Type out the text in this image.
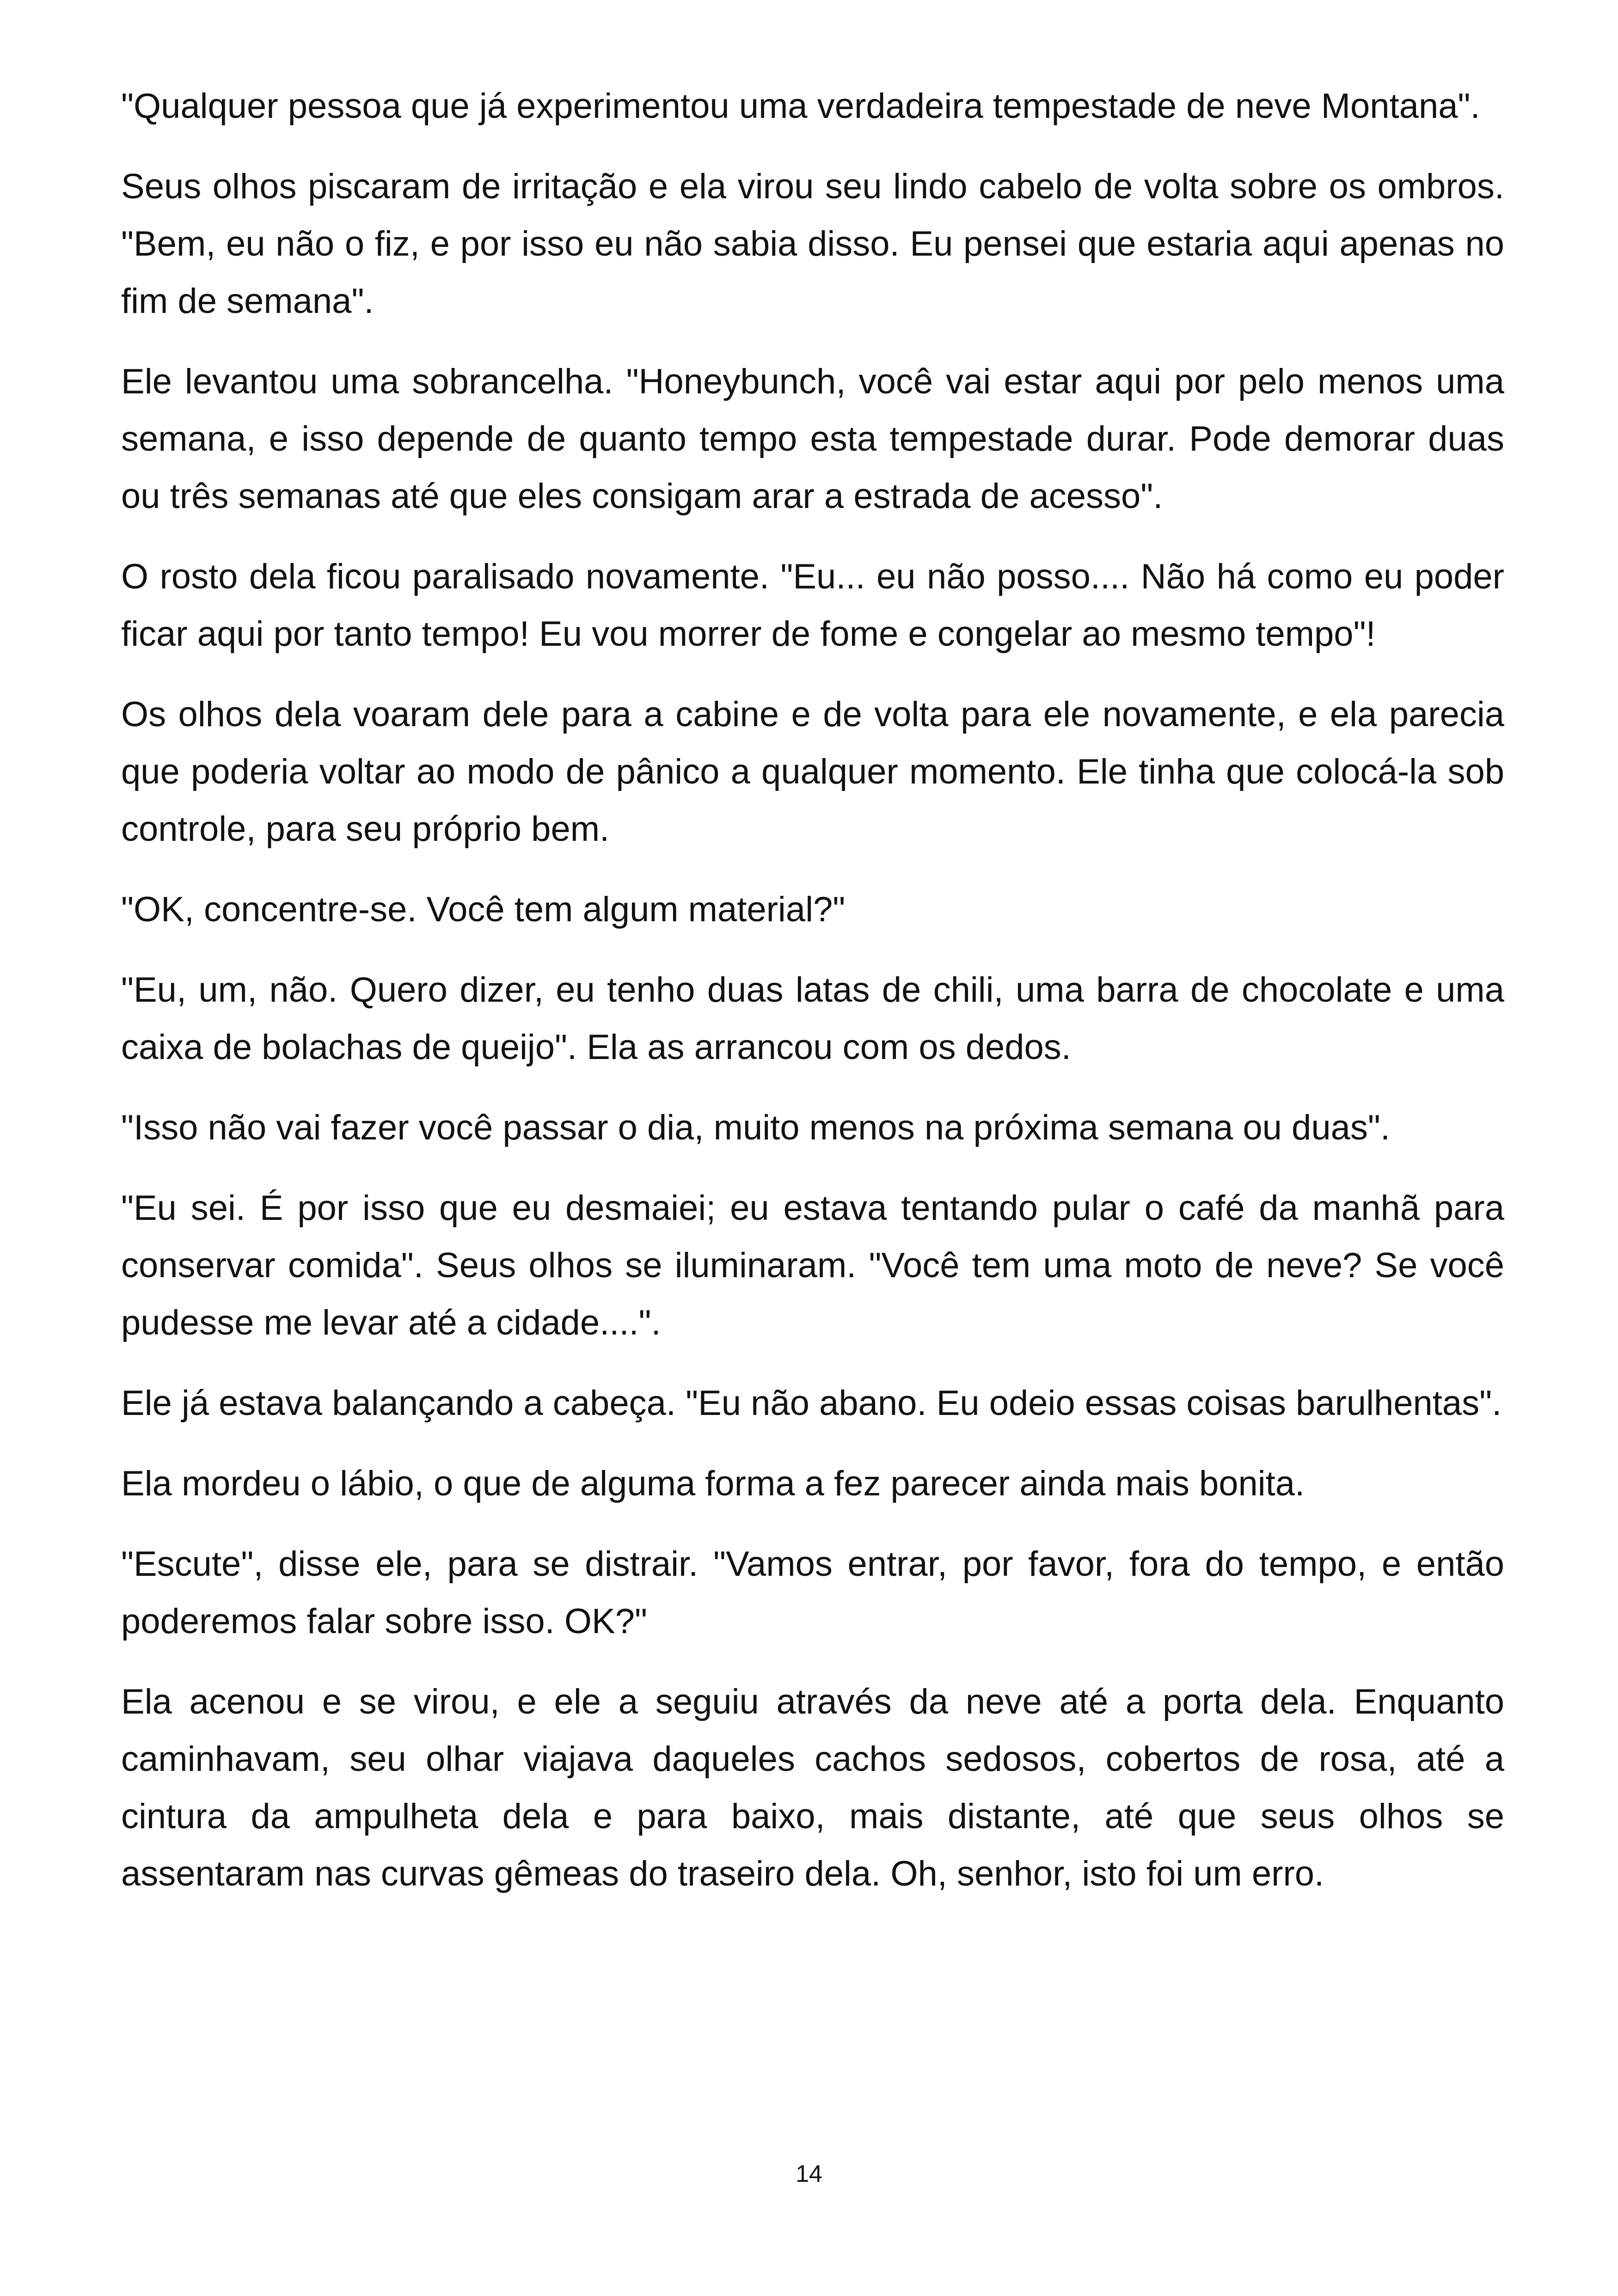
"Qualquer pessoa que já experimentou uma verdadeira tempestade de neve Montana".

Seus olhos piscaram de irritação e ela virou seu lindo cabelo de volta sobre os ombros. "Bem, eu não o fiz, e por isso eu não sabia disso. Eu pensei que estaria aqui apenas no fim de semana".

Ele levantou uma sobrancelha. "Honeybunch, você vai estar aqui por pelo menos uma semana, e isso depende de quanto tempo esta tempestade durar. Pode demorar duas ou três semanas até que eles consigam arar a estrada de acesso".

O rosto dela ficou paralisado novamente. "Eu... eu não posso.... Não há como eu poder ficar aqui por tanto tempo! Eu vou morrer de fome e congelar ao mesmo tempo"!

Os olhos dela voaram dele para a cabine e de volta para ele novamente, e ela parecia que poderia voltar ao modo de pânico a qualquer momento. Ele tinha que colocá-la sob controle, para seu próprio bem.

"OK, concentre-se. Você tem algum material?"

"Eu, um, não. Quero dizer, eu tenho duas latas de chili, uma barra de chocolate e uma caixa de bolachas de queijo". Ela as arrancou com os dedos.

"Isso não vai fazer você passar o dia, muito menos na próxima semana ou duas".

"Eu sei. É por isso que eu desmaiei; eu estava tentando pular o café da manhã para conservar comida". Seus olhos se iluminaram. "Você tem uma moto de neve? Se você pudesse me levar até a cidade....".

Ele já estava balançando a cabeça. "Eu não abano. Eu odeio essas coisas barulhentas".

Ela mordeu o lábio, o que de alguma forma a fez parecer ainda mais bonita.

"Escute", disse ele, para se distrair. "Vamos entrar, por favor, fora do tempo, e então poderemos falar sobre isso. OK?"

Ela acenou e se virou, e ele a seguiu através da neve até a porta dela. Enquanto caminhavam, seu olhar viajava daqueles cachos sedosos, cobertos de rosa, até a cintura da ampulheta dela e para baixo, mais distante, até que seus olhos se assentaram nas curvas gêmeas do traseiro dela. Oh, senhor, isto foi um erro.

14
